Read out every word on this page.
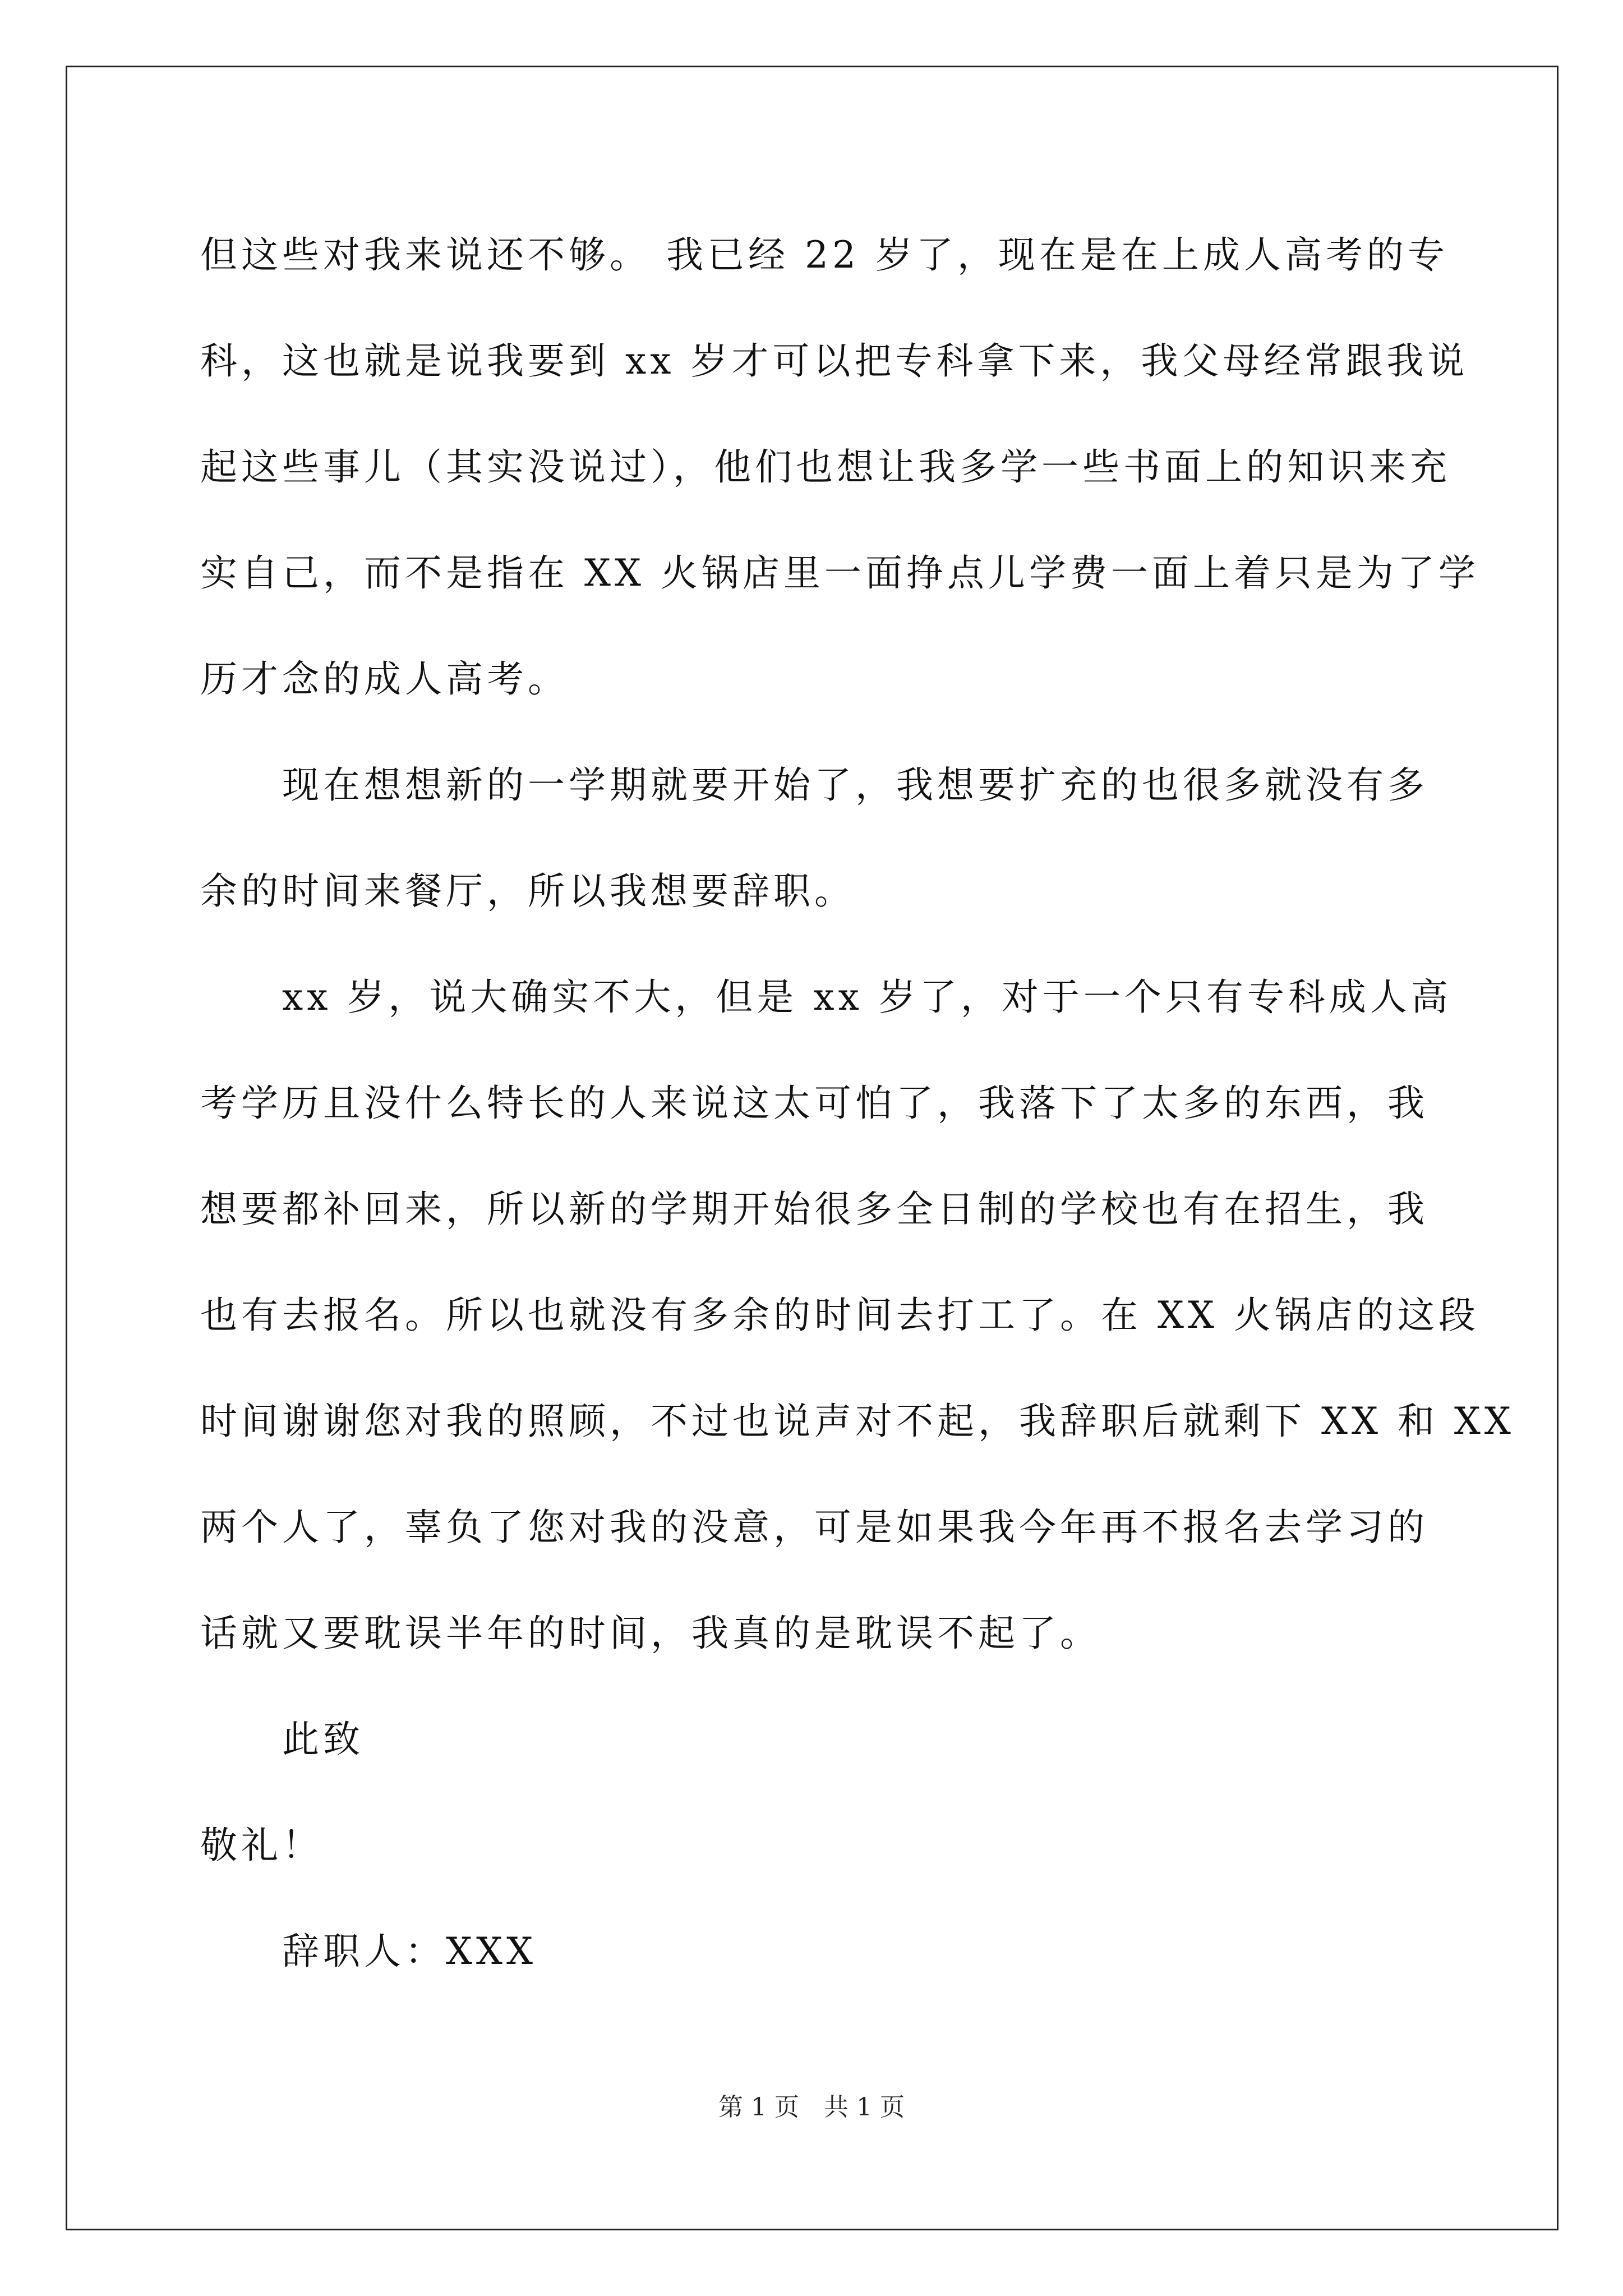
但这些对我来说还不够。 我已经 22 岁了，现在是在上成人高考的专
科，这也就是说我要到 xx 岁才可以把专科拿下来，我父母经常跟我说
起这些事儿（其实没说过），他们也想让我多学一些书面上的知识来充
实自己，而不是指在 XX 火锅店里一面挣点儿学费一面上着只是为了学
历才念的成人高考。
　　现在想想新的一学期就要开始了，我想要扩充的也很多就没有多
余的时间来餐厅，所以我想要辞职。
　　xx 岁，说大确实不大，但是 xx 岁了，对于一个只有专科成人高
考学历且没什么特长的人来说这太可怕了，我落下了太多的东西，我
想要都补回来，所以新的学期开始很多全日制的学校也有在招生，我
也有去报名。所以也就没有多余的时间去打工了。在 XX 火锅店的这段
时间谢谢您对我的照顾，不过也说声对不起，我辞职后就剩下 XX 和 XX
两个人了，辜负了您对我的没意，可是如果我今年再不报名去学习的
话就又要耽误半年的时间，我真的是耽误不起了。
　　此致
敬礼！
　　辞职人：XXX
第 1 页　共 1 页
